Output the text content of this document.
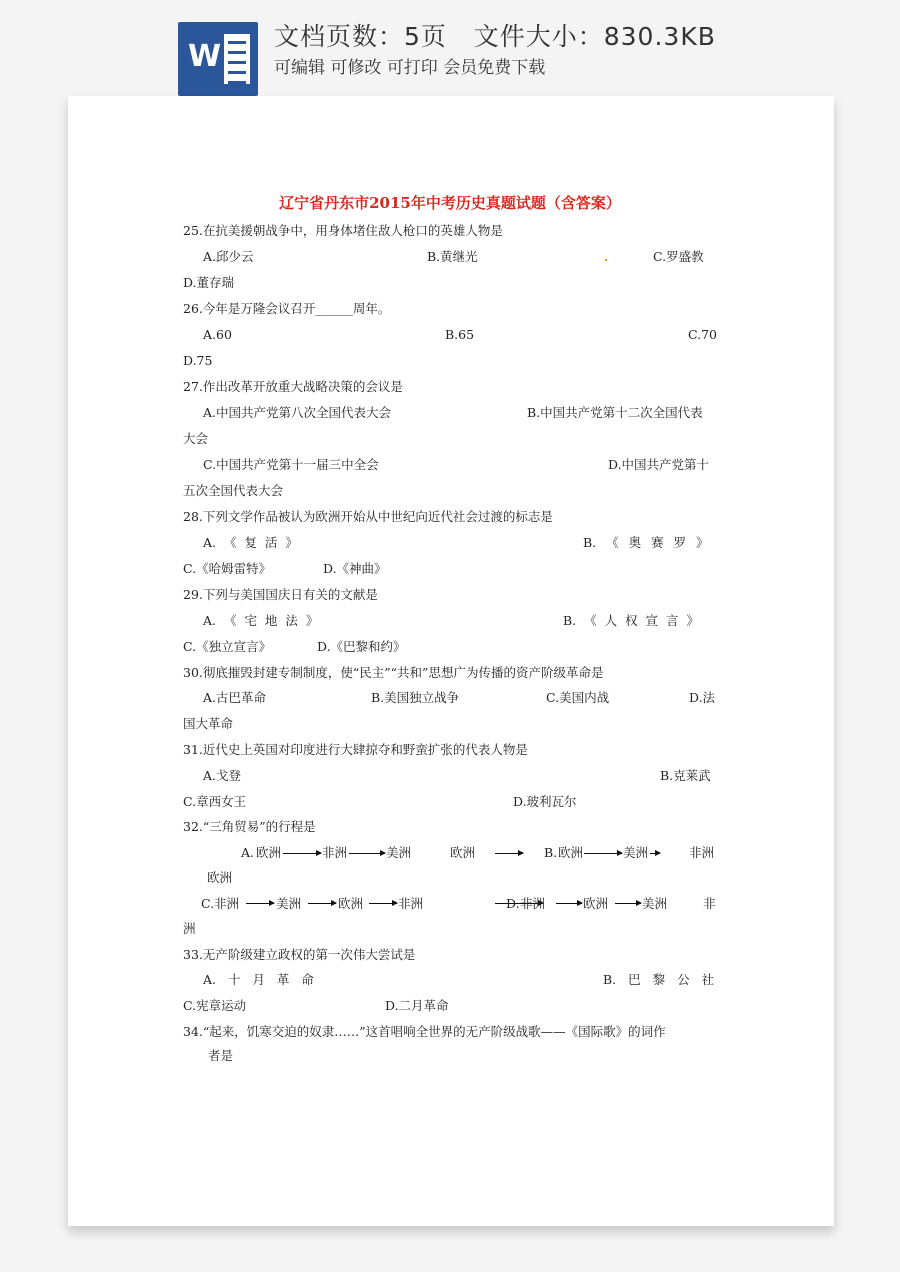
W
文档页数：5页   文件大小：830.3KB
可编辑 可修改 可打印 会员免费下载
辽宁省丹东市2015年中考历史真题试题（含答案）
25.在抗美援朝战争中，用身体堵住敌人枪口的英雄人物是
A.邱少云	B.黄继光	C.罗盛教
D.董存瑞
26.今年是万隆会议召开______周年。
A.60	B.65	C.70
D.75
27.作出改革开放重大战略决策的会议是
A.中国共产党第八次全国代表大会	B.中国共产党第十二次全国代表
大会
C.中国共产党第十一届三中全会	D.中国共产党第十
五次全国代表大会
28.下列文学作品被认为欧洲开始从中世纪向近代社会过渡的标志是
A. 《 复 活 》	B. 《 奥 赛 罗 》
C.《哈姆雷特》	D.《神曲》
29.下列与美国国庆日有关的文献是
A. 《 宅 地 法 》	B. 《 人 权 宣 言 》
C.《独立宣言》	D.《巴黎和约》
30.彻底摧毁封建专制制度，使“民主”“共和”思想广为传播的资产阶级革命是
A.古巴革命	B.美国独立战争	C.美国内战	D.法
国大革命
31.近代史上英国对印度进行大肆掠夺和野蛮扩张的代表人物是
A.戈登	B.克莱武
C.章西女王	D.玻利瓦尔
32.“三角贸易”的行程是
A. 欧洲	非洲	美洲	欧洲	B. 欧洲	美洲	非洲
欧洲
C. 非洲	美洲	欧洲	非洲	D. 非洲	欧洲	美洲	非
洲
33.无产阶级建立政权的第一次伟大尝试是
A. 十 月 革 命	B. 巴 黎 公 社
C.宪章运动	D.二月革命
34.“起来，饥寒交迫的奴隶……”这首唱响全世界的无产阶级战歌——《国际歌》的词作
者是
